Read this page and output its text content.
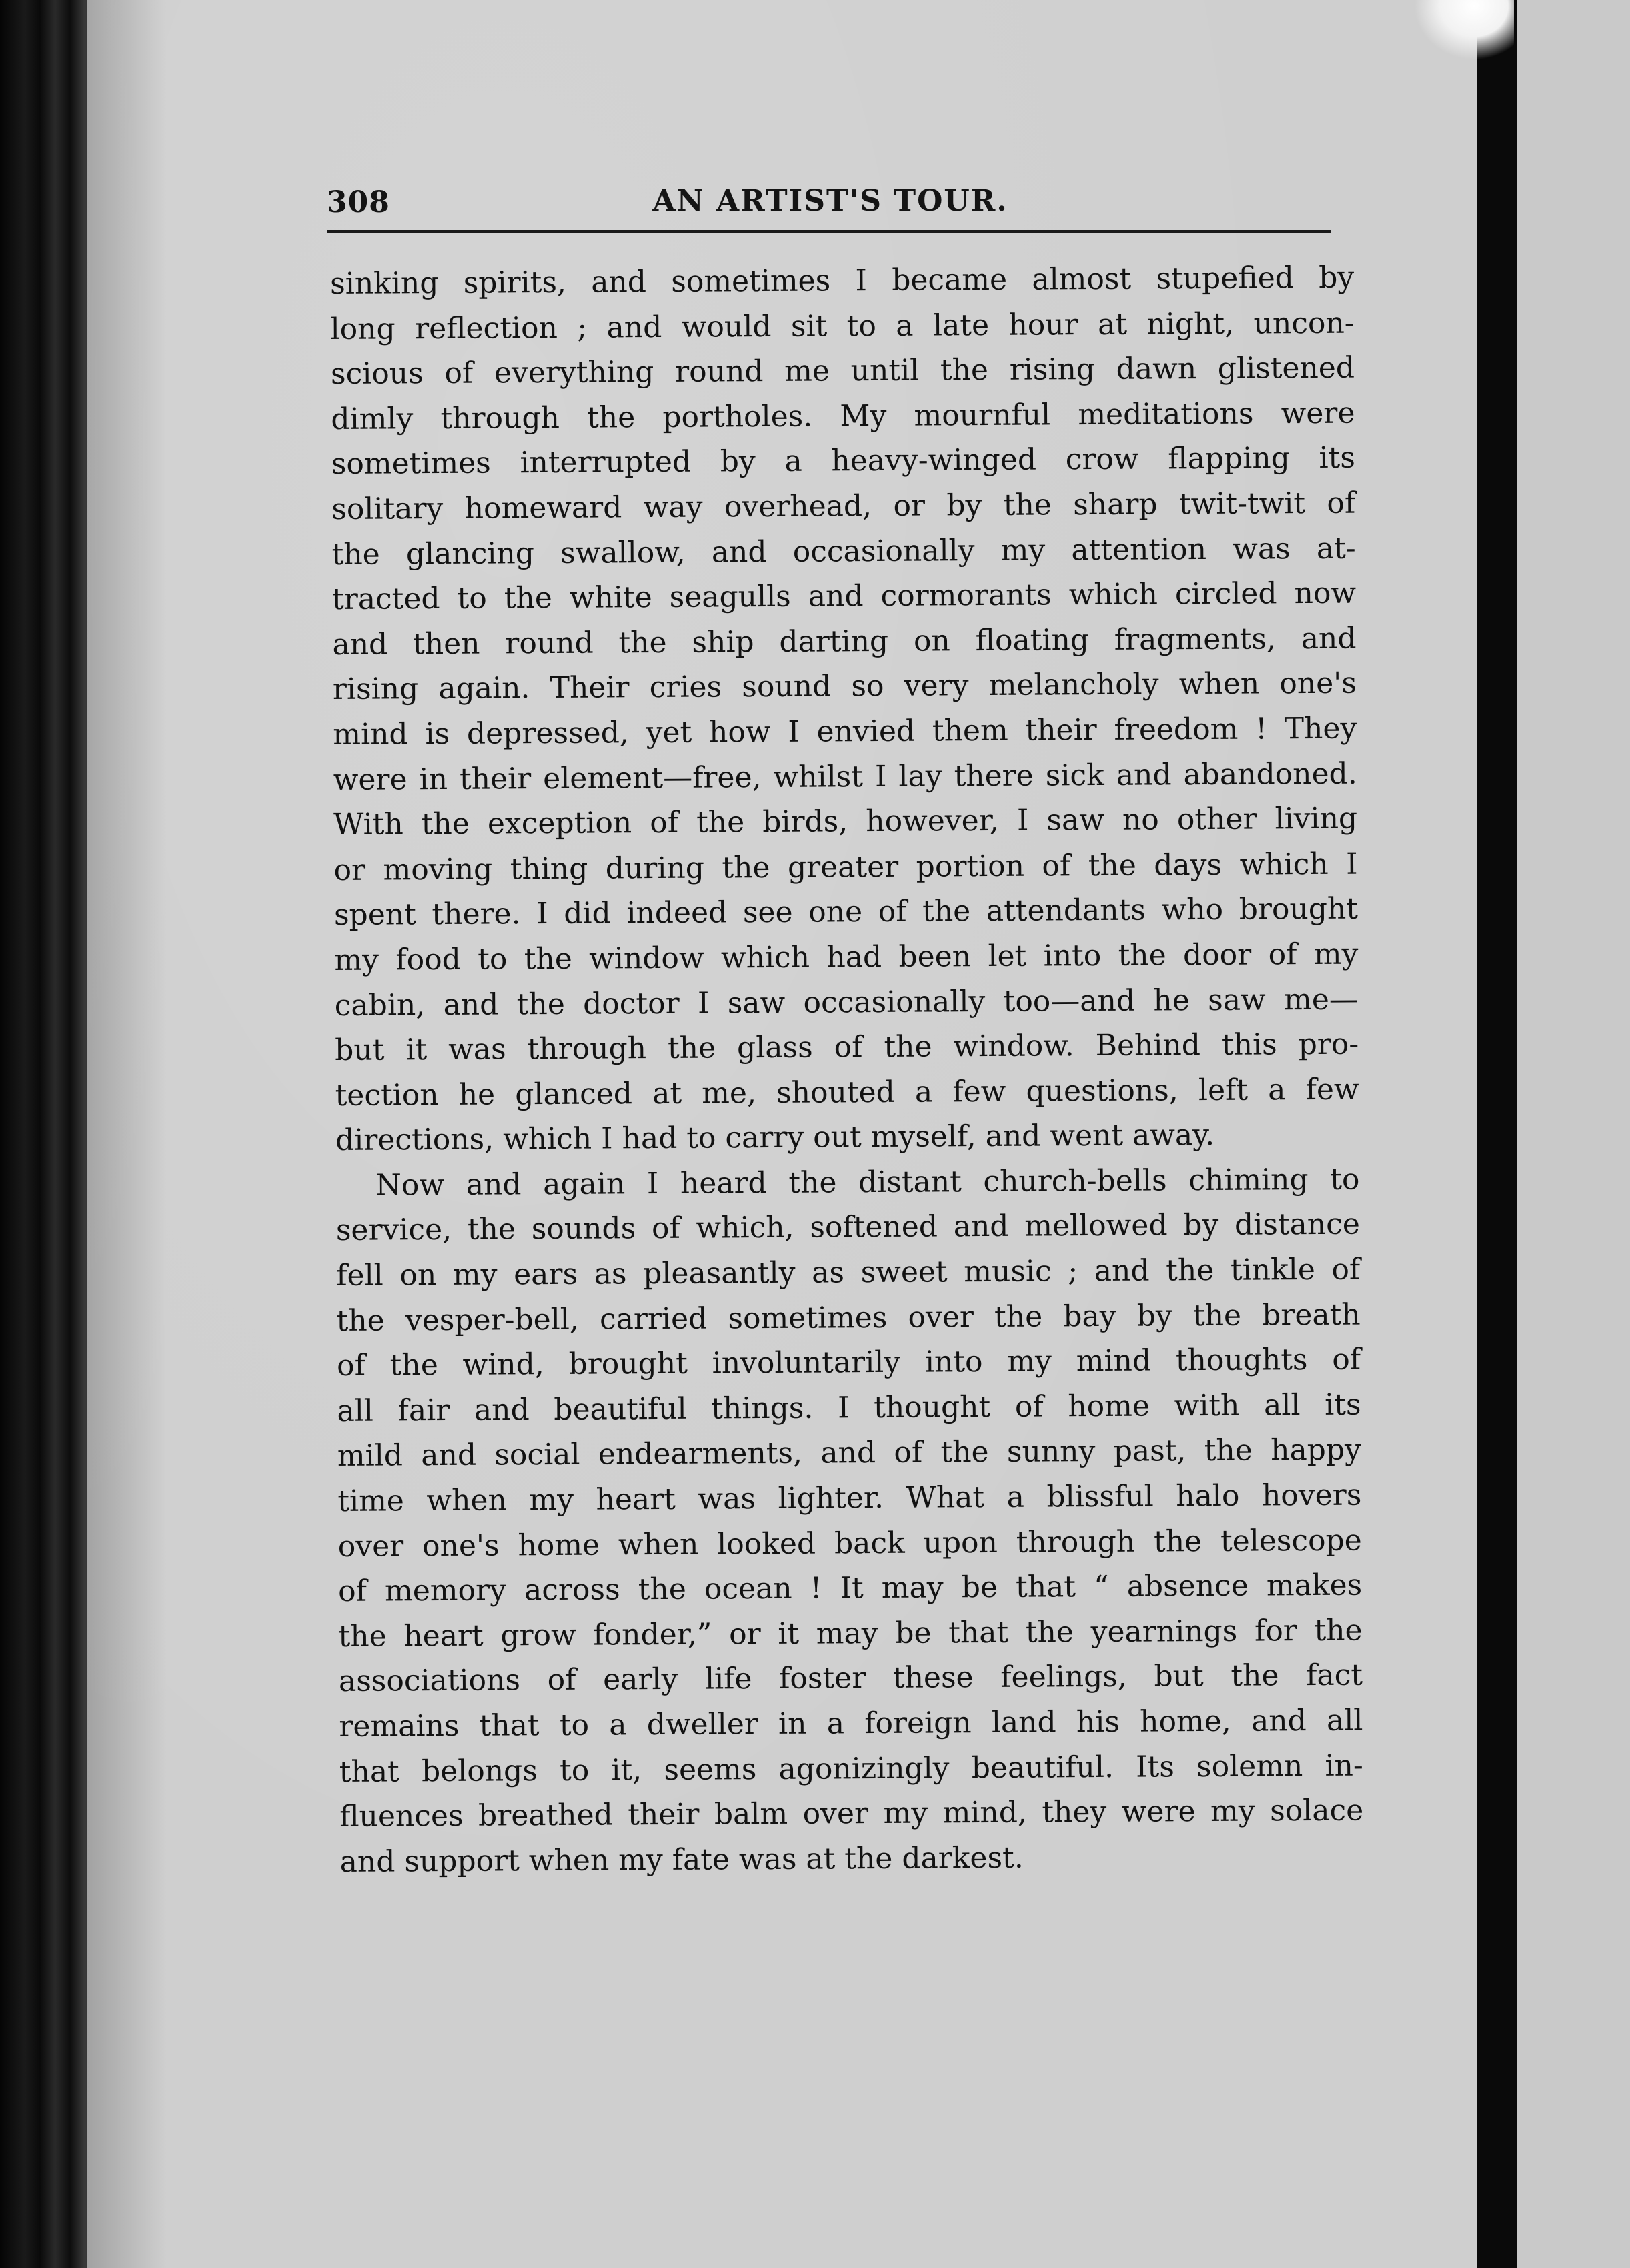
308	AN ARTIST'S TOUR.
sinking spirits, and sometimes I became almost stupefied by
long reflection ; and would sit to a late hour at night, uncon-
scious of everything round me until the rising dawn glistened
dimly through the portholes. My mournful meditations were
sometimes interrupted by a heavy-winged crow flapping its
solitary homeward way overhead, or by the sharp twit-twit of
the glancing swallow, and occasionally my attention was at-
tracted to the white seagulls and cormorants which circled now
and then round the ship darting on floating fragments, and
rising again. Their cries sound so very melancholy when one's
mind is depressed, yet how I envied them their freedom ! They
were in their element—free, whilst I lay there sick and abandoned.
With the exception of the birds, however, I saw no other living
or moving thing during the greater portion of the days which I
spent there. I did indeed see one of the attendants who brought
my food to the window which had been let into the door of my
cabin, and the doctor I saw occasionally too—and he saw me—
but it was through the glass of the window. Behind this pro-
tection he glanced at me, shouted a few questions, left a few
directions, which I had to carry out myself, and went away.
Now and again I heard the distant church-bells chiming to
service, the sounds of which, softened and mellowed by distance
fell on my ears as pleasantly as sweet music ; and the tinkle of
the vesper-bell, carried sometimes over the bay by the breath
of the wind, brought involuntarily into my mind thoughts of
all fair and beautiful things. I thought of home with all its
mild and social endearments, and of the sunny past, the happy
time when my heart was lighter. What a blissful halo hovers
over one's home when looked back upon through the telescope
of memory across the ocean ! It may be that “ absence makes
the heart grow fonder,” or it may be that the yearnings for the
associations of early life foster these feelings, but the fact
remains that to a dweller in a foreign land his home, and all
that belongs to it, seems agonizingly beautiful. Its solemn in-
fluences breathed their balm over my mind, they were my solace
and support when my fate was at the darkest.
